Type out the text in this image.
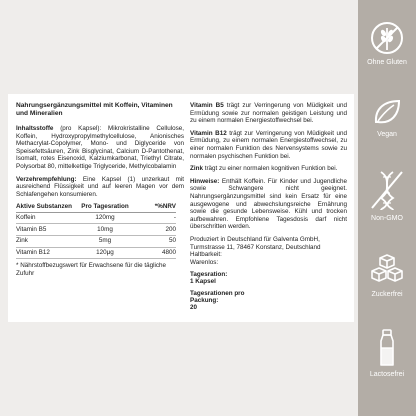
Nahrungsergänzungsmittel mit Koffein, Vitaminen und Mineralien

Inhaltsstoffe (pro Kapsel): Mikrokristalline Cellulose, Koffein, Hydroxypropylmethylcellulose, Anionisches Methacrylat-Copolymer, Mono- und Diglyceride von Speisefettsäuren, Zink Bisglycinat, Calcium D-Pantothenat, Isomalt, rotes Eisenoxid, Kalziumkarbonat, Triethyl Citrate, Polysorbat 80, mittelkettige Triglyceride, Methylcobalamin

Verzehrempfehlung: Eine Kapsel (1) unzerkaut mit ausreichend Flüssigkeit und auf leeren Magen vor dem Schlafengehen konsumieren.

Aktive Substanzen	Pro Tagesration	*%NRV
Koffein	120mg	-
Vitamin B5	10mg	200
Zink	5mg	50
Vitamin B12	120μg	4800
* Nährstoffbezugswert für Erwachsene für die tägliche Zufuhr

Vitamin B5 trägt zur Verringerung von Müdigkeit und Ermüdung sowie zur normalen geistigen Leistung und zu einem normalen Energiestoffwechsel bei.

Vitamin B12 trägt zur Verringerung von Müdigkeit und Ermüdung, zu einem normalen Energiestoffwechsel, zu einer normalen Funktion des Nervensystems sowie zu normalen psychischen Funktion bei.

Zink trägt zu einer normalen kognitiven Funktion bei.

Hinweise: Enthält Koffein. Für Kinder und Jugendliche sowie Schwangere nicht geeignet. Nahrungsergänzungsmittel sind kein Ersatz für eine ausgewogene und abwechslungsreiche Ernährung sowie die gesunde Lebensweise. Kühl und trocken aufbewahren. Empfohlene Tagesdosis darf nicht überschritten werden.

Produziert in Deutschland für Galventa GmbH, Turmstrasse 11, 78467 Konstanz, Deutschland
Haltbarkeit:
Warenlos:
Tagesration:
1 Kapsel
Tagesrationen pro Packung:
20
Ohne Gluten
Vegan
Non-GMO
Zuckerfrei
Lactosefrei
